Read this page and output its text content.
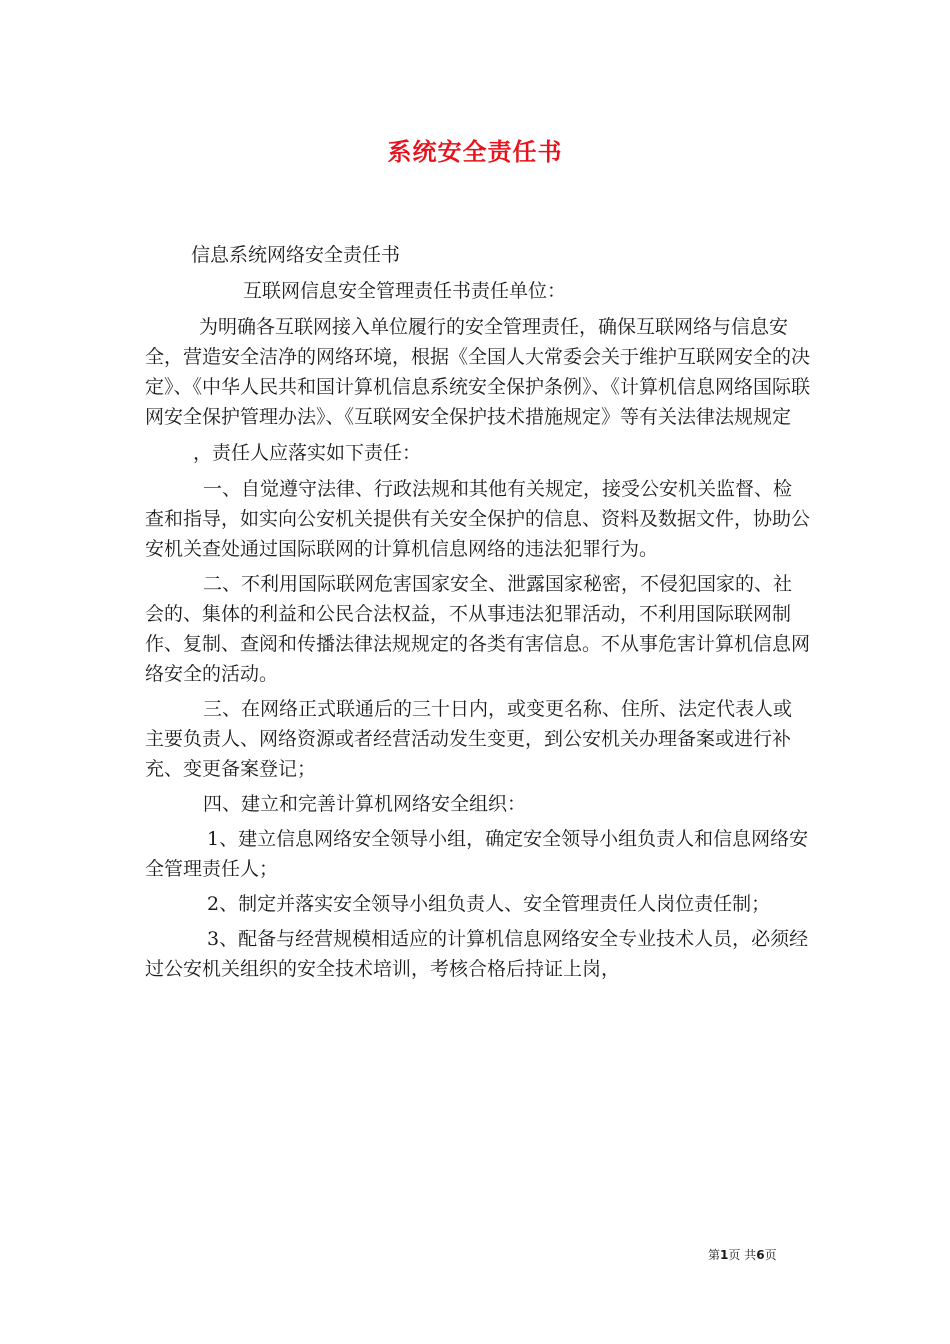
系统安全责任书

信息系统网络安全责任书

互联网信息安全管理责任书责任单位：

为明确各互联网接入单位履行的安全管理责任，确保互联网络与信息安全，营造安全洁净的网络环境，根据《全国人大常委会关于维护互联网安全的决定》、《中华人民共和国计算机信息系统安全保护条例》、《计算机信息网络国际联网安全保护管理办法》、《互联网安全保护技术措施规定》等有关法律法规规定

，责任人应落实如下责任：

一、自觉遵守法律、行政法规和其他有关规定，接受公安机关监督、检查和指导，如实向公安机关提供有关安全保护的信息、资料及数据文件，协助公安机关查处通过国际联网的计算机信息网络的违法犯罪行为。

二、不利用国际联网危害国家安全、泄露国家秘密，不侵犯国家的、社会的、集体的利益和公民合法权益，不从事违法犯罪活动，不利用国际联网制作、复制、查阅和传播法律法规规定的各类有害信息。不从事危害计算机信息网络安全的活动。

三、在网络正式联通后的三十日内，或变更名称、住所、法定代表人或主要负责人、网络资源或者经营活动发生变更，到公安机关办理备案或进行补充、变更备案登记；

四、建立和完善计算机网络安全组织：

1、建立信息网络安全领导小组，确定安全领导小组负责人和信息网络安全管理责任人；

2、制定并落实安全领导小组负责人、安全管理责任人岗位责任制；

3、配备与经营规模相适应的计算机信息网络安全专业技术人员，必须经过公安机关组织的安全技术培训，考核合格后持证上岗，

第1页 共6页
